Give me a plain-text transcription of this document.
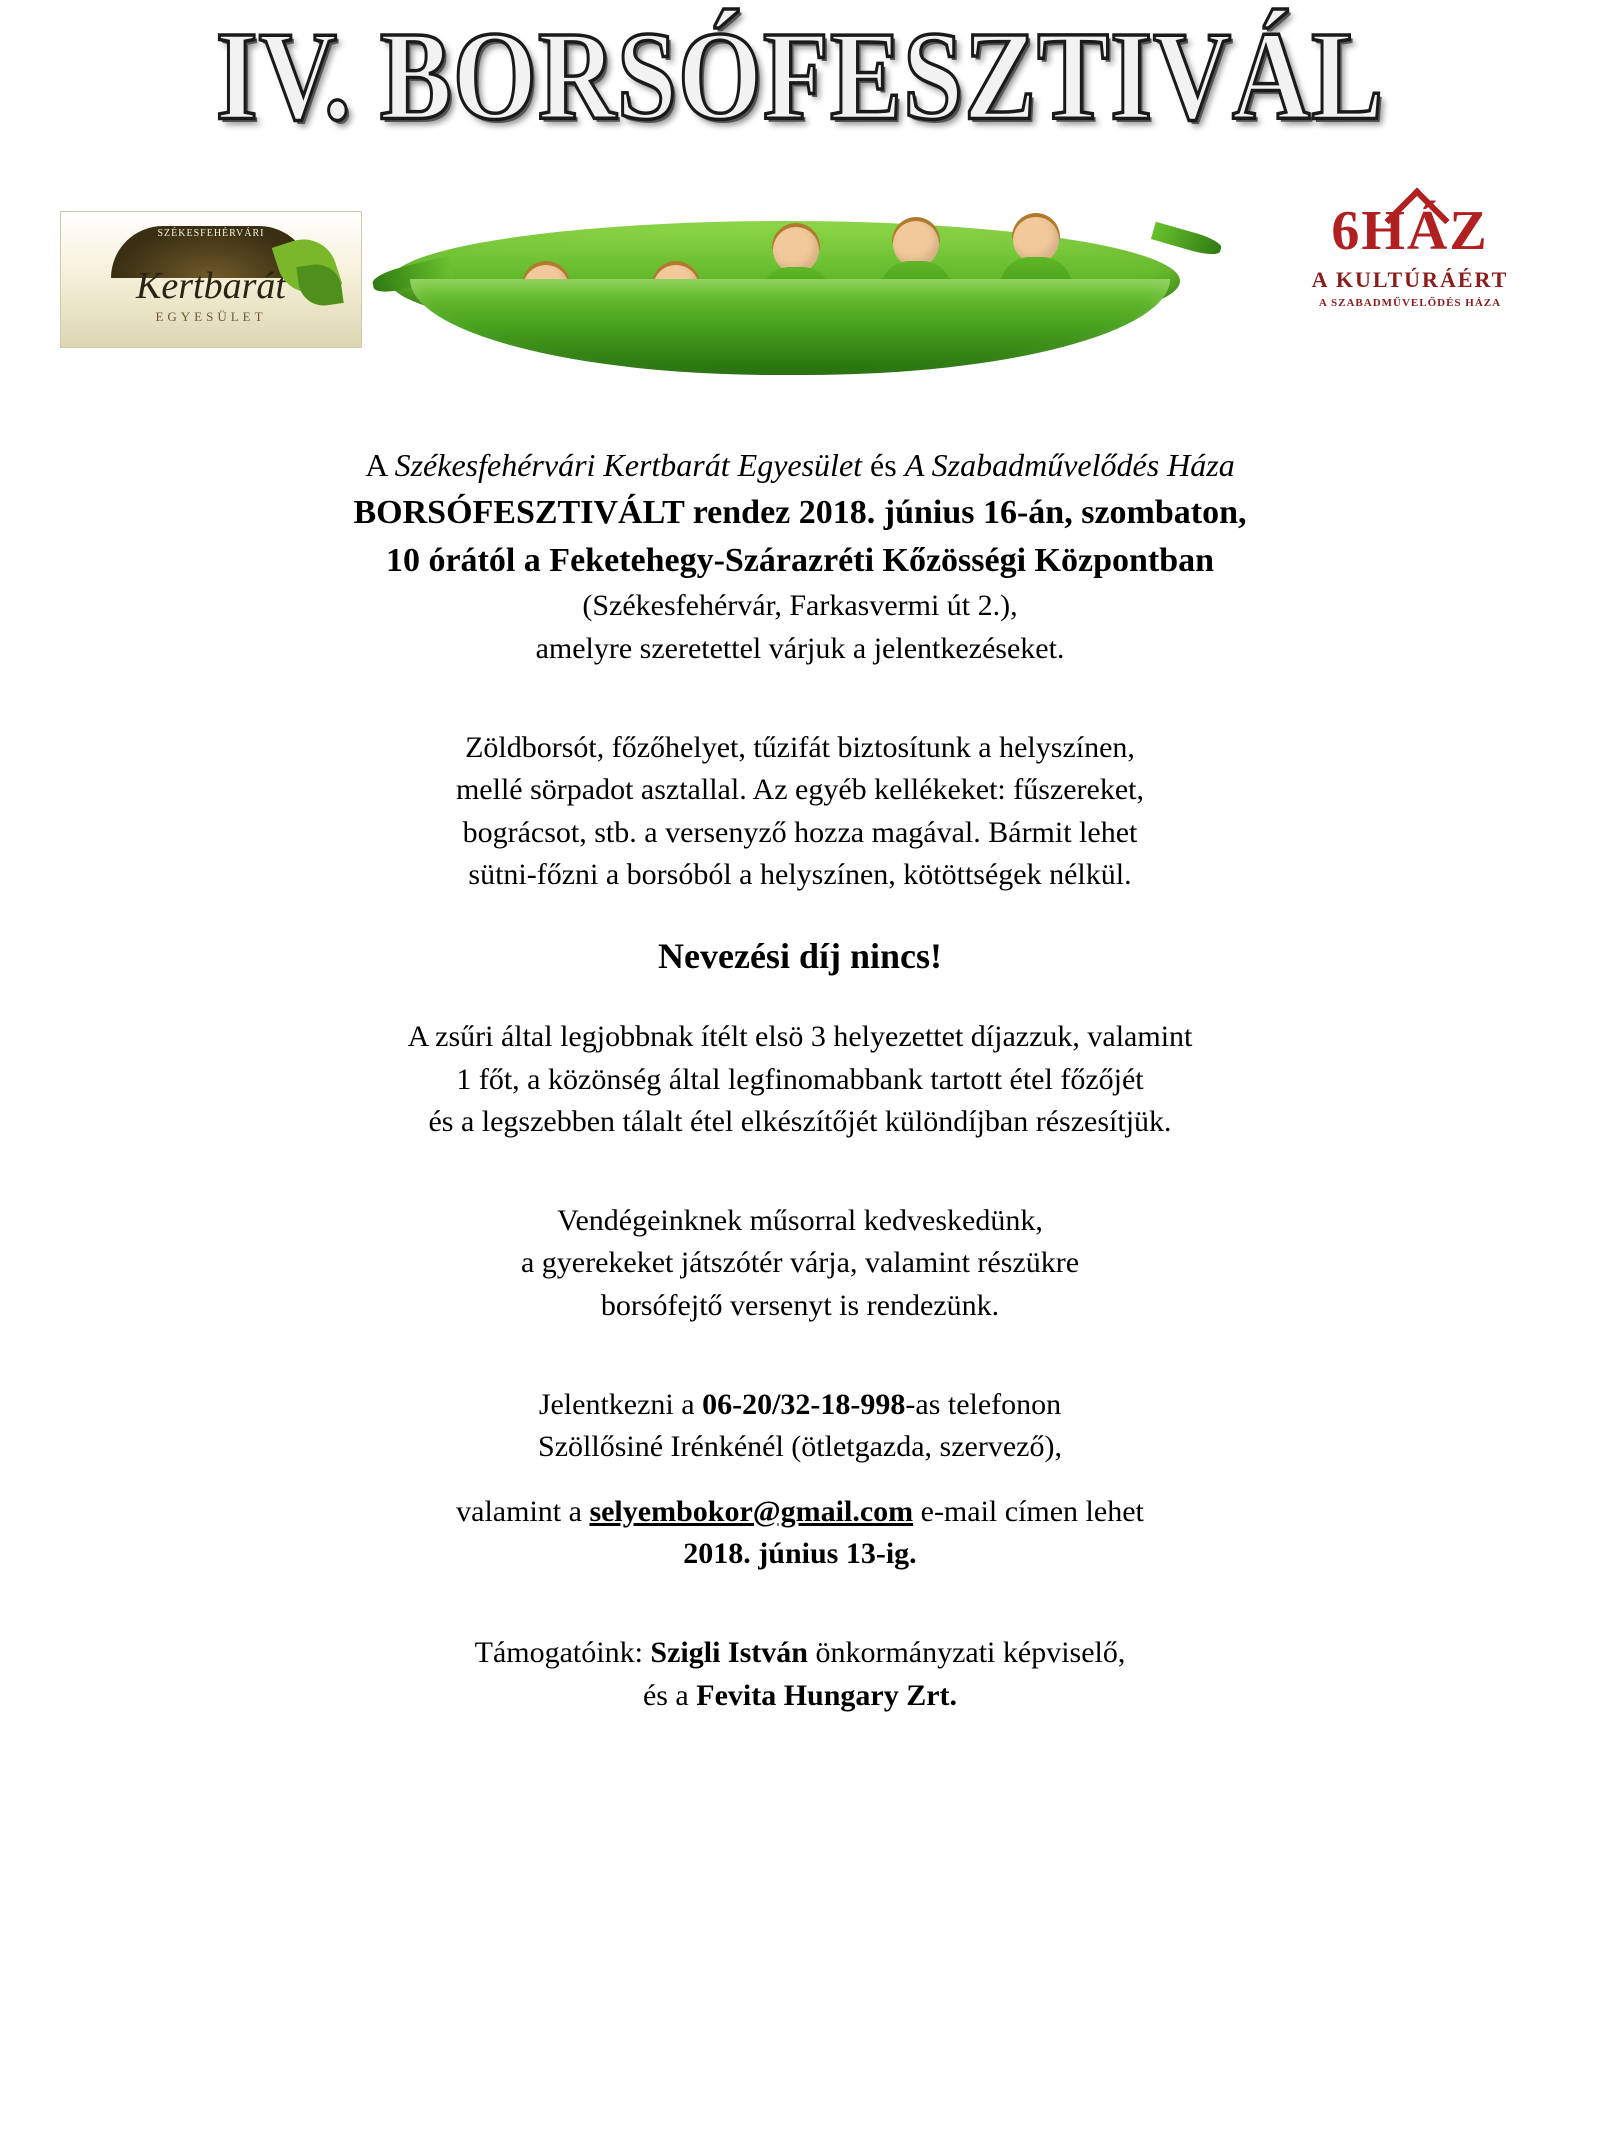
IV. BORSÓFESZTIVÁL
SZÉKESFEHÉRVÁRI
Kertbarát
EGYESÜLET
6HÁZ
A KULTÚRÁÉRT
A SZABADMŰVELŐDÉS HÁZA
A Székesfehérvári Kertbarát Egyesület és A Szabadművelődés Háza
BORSÓFESZTIVÁLT rendez 2018. június 16-án, szombaton,
10 órától a Feketehegy-Szárazréti Kőzösségi Központban
(Székesfehérvár, Farkasvermi út 2.),
amelyre szeretettel várjuk a jelentkezéseket.
Zöldborsót, főzőhelyet, tűzifát biztosítunk a helyszínen,
mellé sörpadot asztallal. Az egyéb kellékeket: fűszereket,
bográcsot, stb. a versenyző hozza magával. Bármit lehet
sütni-főzni a borsóból a helyszínen, kötöttségek nélkül.
Nevezési díj nincs!
A zsűri által legjobbnak ítélt elsö 3 helyezettet díjazzuk, valamint
1 főt, a közönség által legfinomabbank tartott étel főzőjét
és a legszebben tálalt étel elkészítőjét különdíjban részesítjük.
Vendégeinknek műsorral kedveskedünk,
a gyerekeket játszótér várja, valamint részükre
borsófejtő versenyt is rendezünk.
Jelentkezni a 06-20/32-18-998-as telefonon
Szöllősiné Irénkénél (ötletgazda, szervező),
valamint a selyembokor@gmail.com e-mail címen lehet
2018. június 13-ig.
Támogatóink: Szigli István önkormányzati képviselő,
és a Fevita Hungary Zrt.
